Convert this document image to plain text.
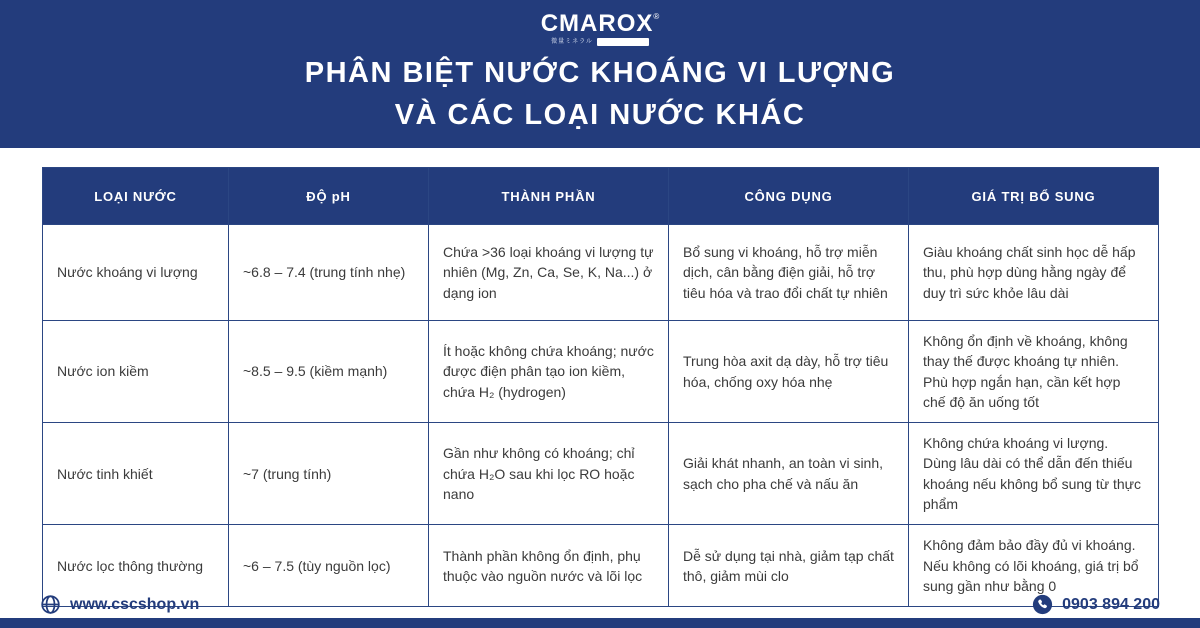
CMAROX®
微量ミネラル
PHÂN BIỆT NƯỚC KHOÁNG VI LƯỢNG
VÀ CÁC LOẠI NƯỚC KHÁC
LOẠI NƯỚC	ĐỘ pH	THÀNH PHẦN	CÔNG DỤNG	GIÁ TRỊ BỔ SUNG
Nước khoáng vi lượng	~6.8 – 7.4 (trung tính nhẹ)	Chứa >36 loại khoáng vi lượng tự nhiên (Mg, Zn, Ca, Se, K, Na...) ở dạng ion	Bổ sung vi khoáng, hỗ trợ miễn dịch, cân bằng điện giải, hỗ trợ tiêu hóa và trao đổi chất tự nhiên	Giàu khoáng chất sinh học dễ hấp thu, phù hợp dùng hằng ngày để duy trì sức khỏe lâu dài
Nước ion kiềm	~8.5 – 9.5 (kiềm mạnh)	Ít hoặc không chứa khoáng; nước được điện phân tạo ion kiềm, chứa H₂ (hydrogen)	Trung hòa axit dạ dày, hỗ trợ tiêu hóa, chống oxy hóa nhẹ	Không ổn định về khoáng, không thay thế được khoáng tự nhiên. Phù hợp ngắn hạn, cần kết hợp chế độ ăn uống tốt
Nước tinh khiết	~7 (trung tính)	Gần như không có khoáng; chỉ chứa H₂O sau khi lọc RO hoặc nano	Giải khát nhanh, an toàn vi sinh, sạch cho pha chế và nấu ăn	Không chứa khoáng vi lượng. Dùng lâu dài có thể dẫn đến thiếu khoáng nếu không bổ sung từ thực phẩm
Nước lọc thông thường	~6 – 7.5 (tùy nguồn lọc)	Thành phần không ổn định, phụ thuộc vào nguồn nước và lõi lọc	Dễ sử dụng tại nhà, giảm tạp chất thô, giảm mùi clo	Không đảm bảo đầy đủ vi khoáng. Nếu không có lõi khoáng, giá trị bổ sung gần như bằng 0
www.cscshop.vn	0903 894 200
